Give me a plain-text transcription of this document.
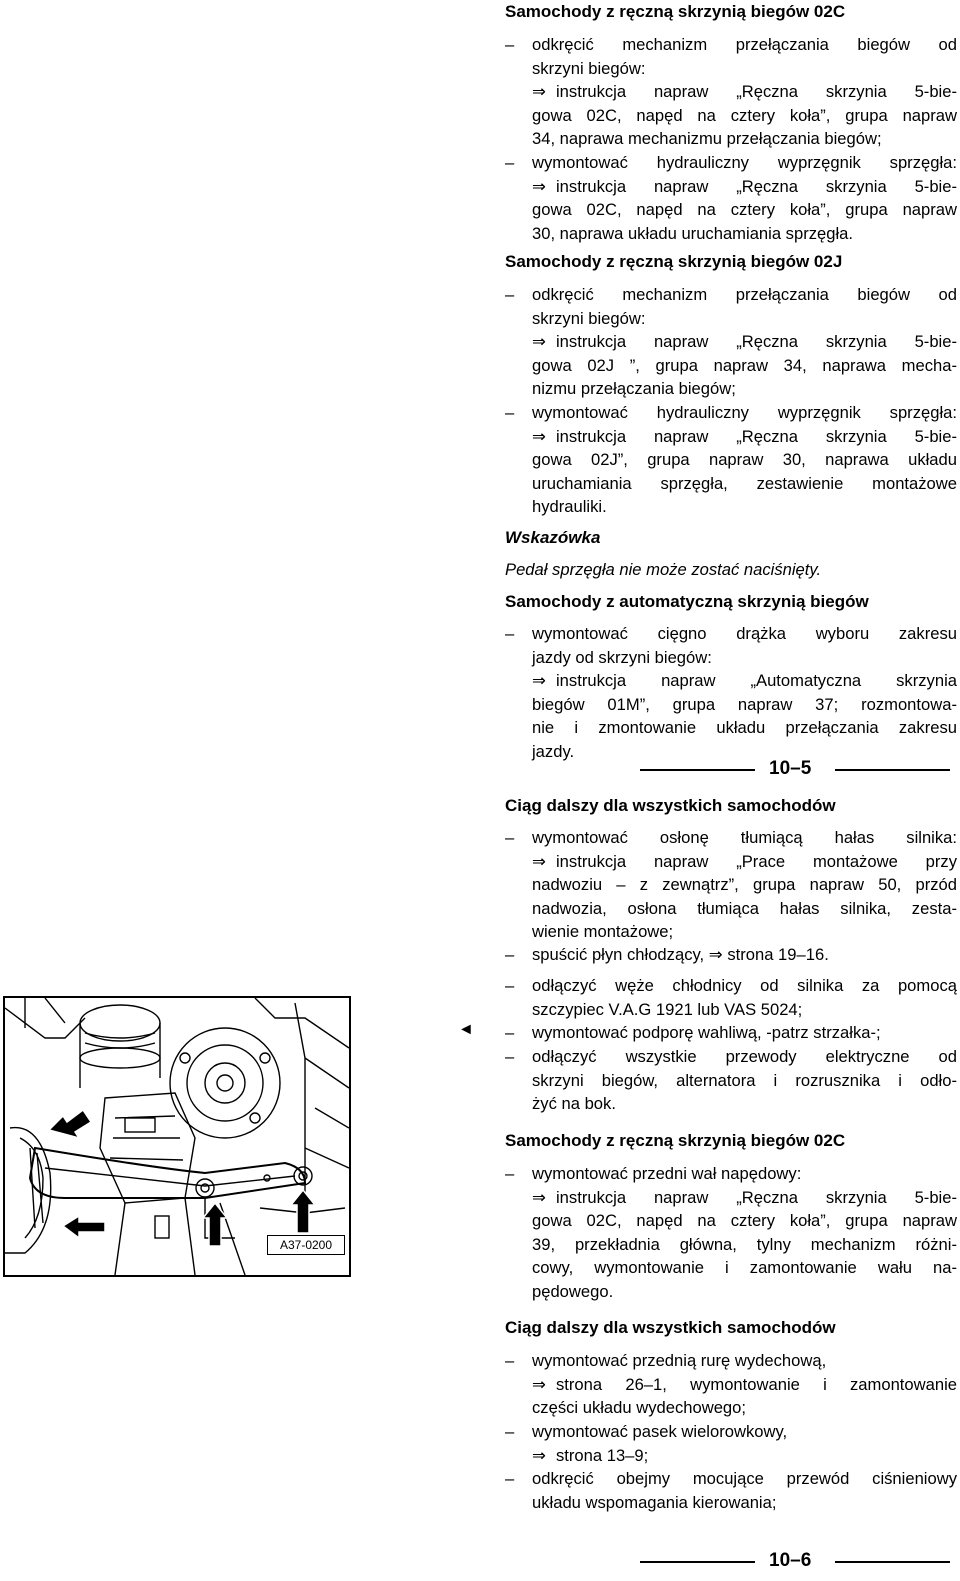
Samochody z ręczną skrzynią biegów 02C
–	odkręcić mechanizm przełączania biegów od

skrzyni biegów:

⇒ instrukcja napraw „Ręczna skrzynia 5-bie-

gowa 02C, napęd na cztery koła”, grupa napraw

34, naprawa mechanizmu przełączania biegów;

–	wymontować hydrauliczny wyprzęgnik sprzęgła:

⇒ instrukcja napraw „Ręczna skrzynia 5-bie-

gowa 02C, napęd na cztery koła”, grupa napraw

30, naprawa układu uruchamiania sprzęgła.

Samochody z ręczną skrzynią biegów 02J
–	odkręcić mechanizm przełączania biegów od

skrzyni biegów:

⇒ instrukcja napraw „Ręczna skrzynia 5-bie-

gowa 02J ”, grupa napraw 34, naprawa mecha-

nizmu przełączania biegów;

–	wymontować hydrauliczny wyprzęgnik sprzęgła:

⇒ instrukcja napraw „Ręczna skrzynia 5-bie-

gowa 02J”, grupa napraw 30, naprawa układu

uruchamiania sprzęgła, zestawienie montażowe

hydrauliki.

Wskazówka
Pedał sprzęgła nie może zostać naciśnięty.
Samochody z automatyczną skrzynią biegów
–	wymontować cięgno drążka wyboru zakresu

jazdy od skrzyni biegów:

⇒ instrukcja napraw „Automatyczna skrzynia

biegów 01M”, grupa napraw 37; rozmontowa-

nie i zmontowanie układu przełączania zakresu

jazdy.

10–5
Ciąg dalszy dla wszystkich samochodów
–	wymontować osłonę tłumiącą hałas silnika:

⇒ instrukcja napraw „Prace montażowe przy

nadwoziu – z zewnątrz”, grupa napraw 50, przód

nadwozia, osłona tłumiąca hałas silnika, zesta-

wienie montażowe;

–	spuścić płyn chłodzący, ⇒ strona 19–16.

–	odłączyć węże chłodnicy od silnika za pomocą

szczypiec V.A.G 1921 lub VAS 5024;

◄ –	wymontować podporę wahliwą, -patrz strzałka-;

–	odłączyć wszystkie przewody elektryczne od

skrzyni biegów, alternatora i rozrusznika i odło-

żyć na bok.

Samochody z ręczną skrzynią biegów 02C
–	wymontować przedni wał napędowy:

⇒ instrukcja napraw „Ręczna skrzynia 5-bie-

gowa 02C, napęd na cztery koła”, grupa napraw

39, przekładnia główna, tylny mechanizm różni-

cowy, wymontowanie i zamontowanie wału na-

pędowego.

Ciąg dalszy dla wszystkich samochodów
–	wymontować przednią rurę wydechową,

⇒ strona 26–1, wymontowanie i zamontowanie

części układu wydechowego;

–	wymontować pasek wielorowkowy,

⇒ strona 13–9;

–	odkręcić obejmy mocujące przewód ciśnieniowy

układu wspomagania kierowania;

10–6
A37-0200
